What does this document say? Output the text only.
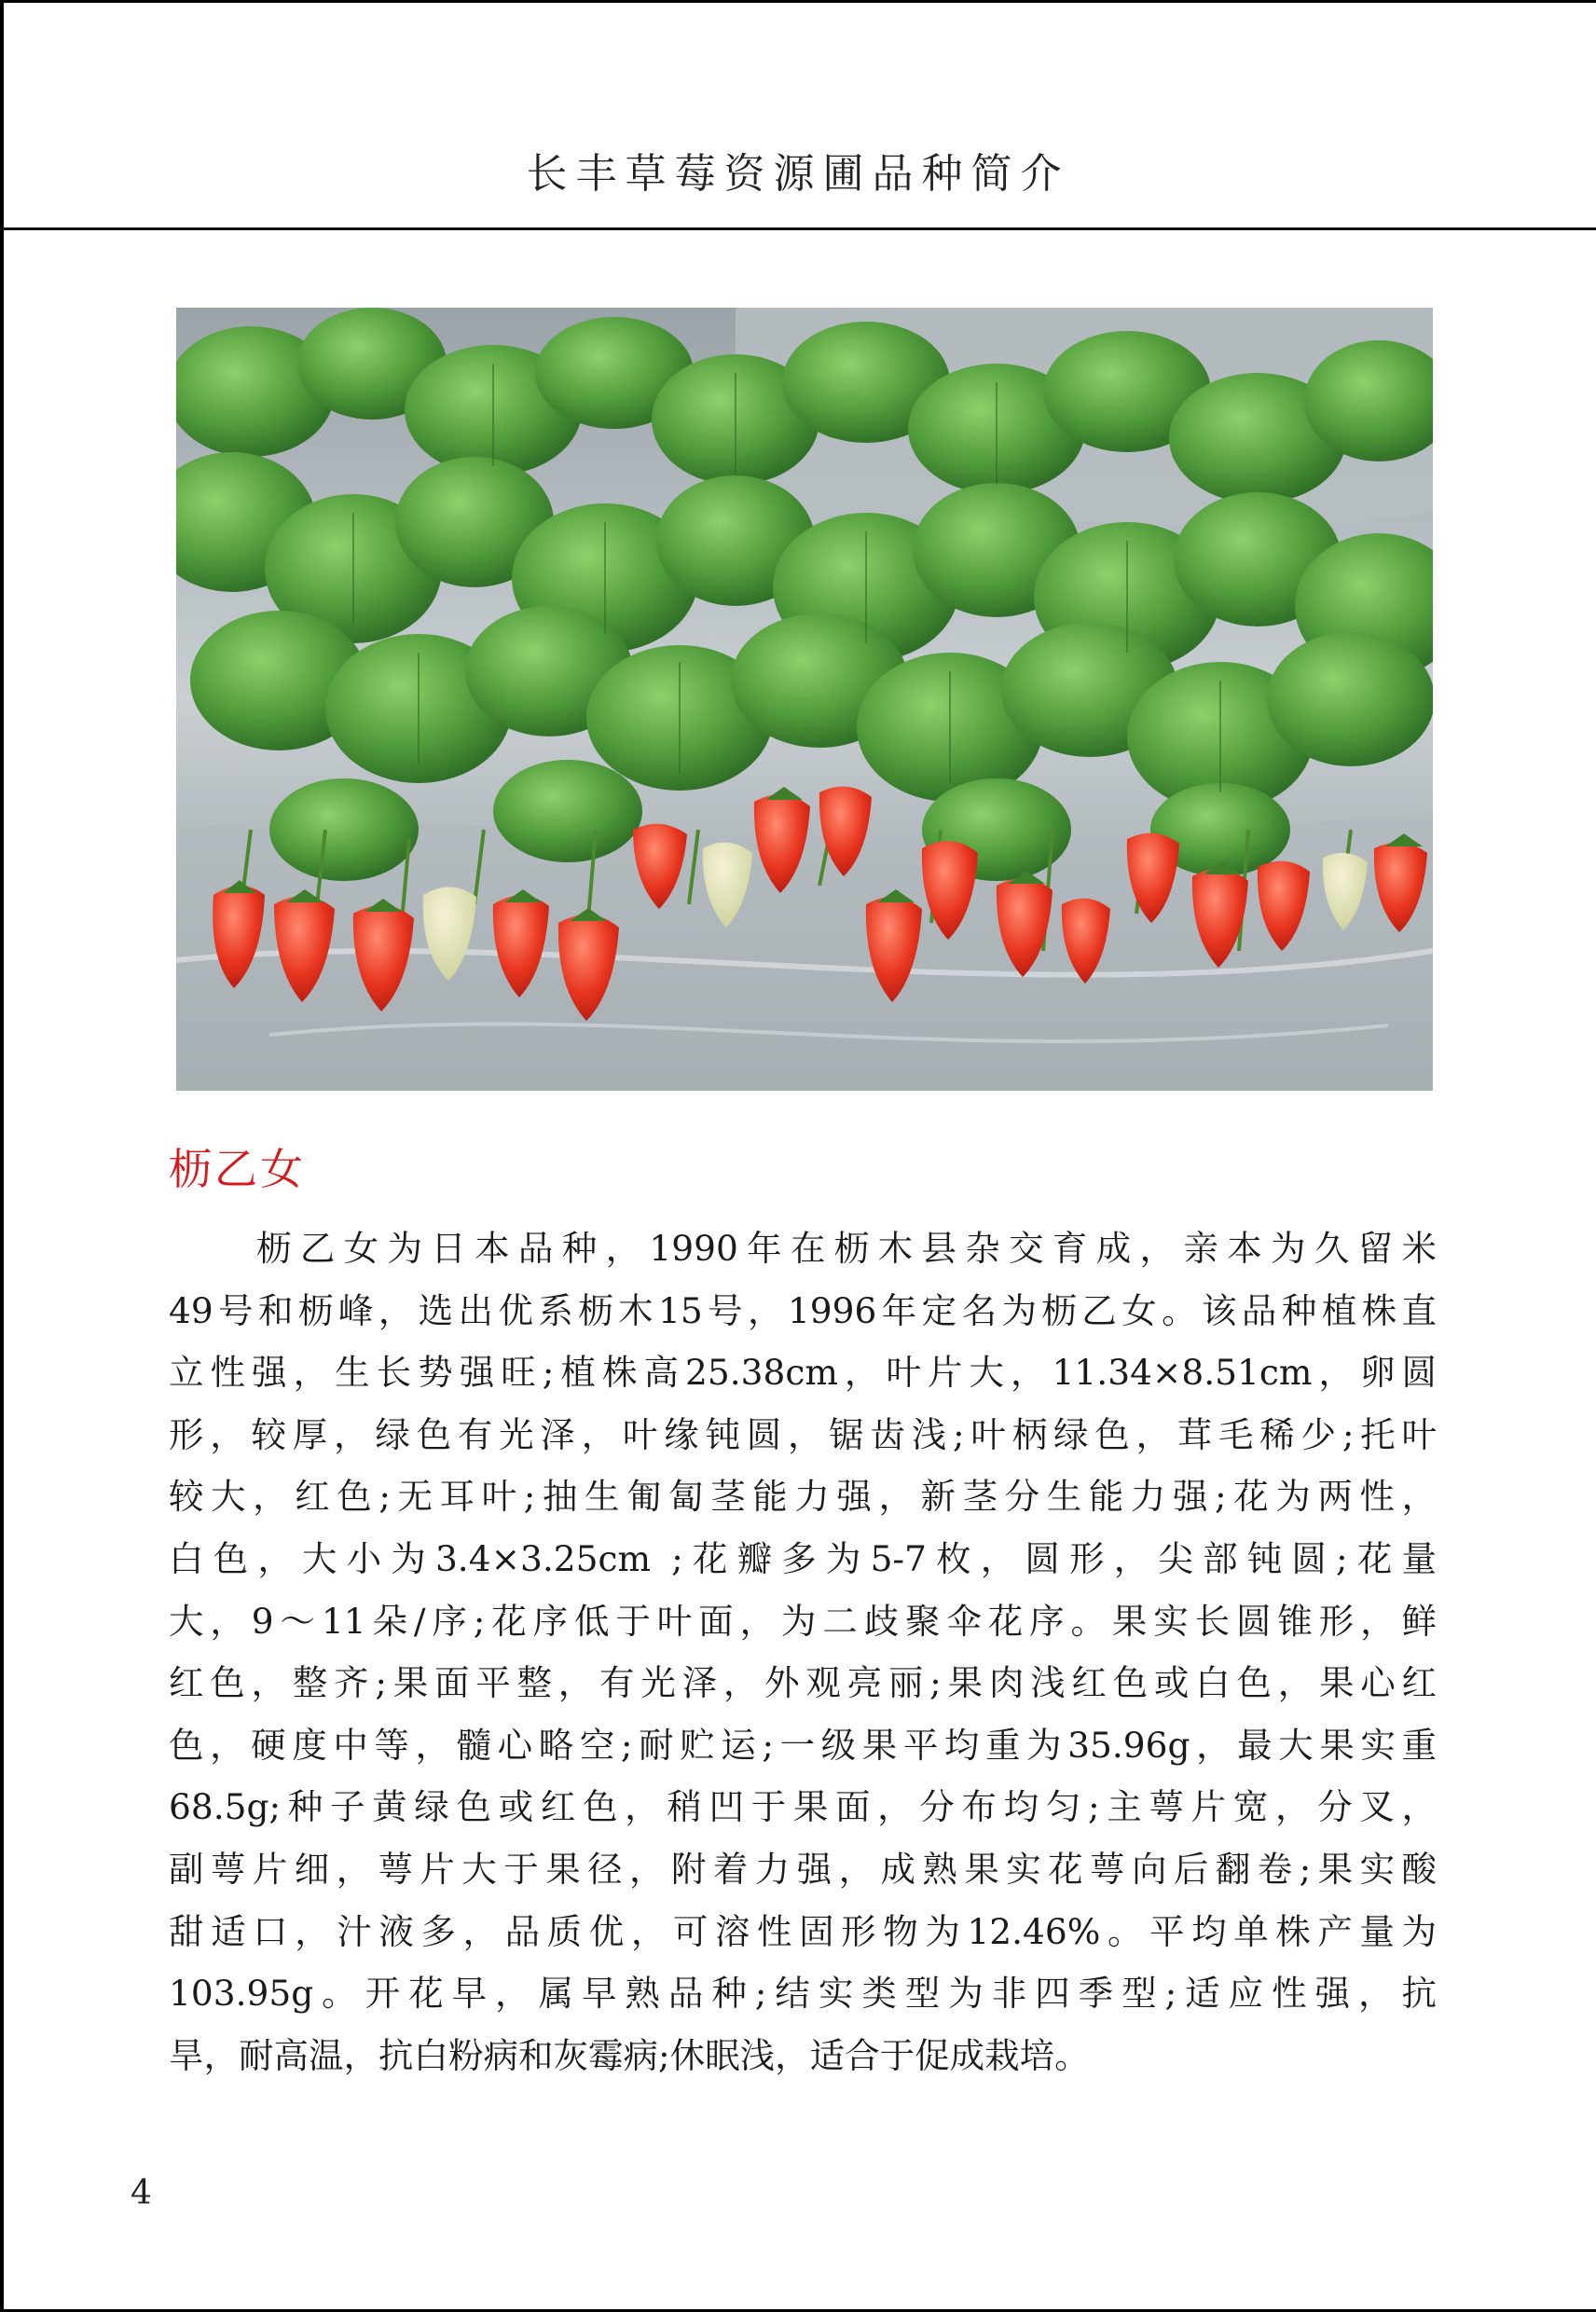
长丰草莓资源圃品种简介
枥乙女
枥乙女为日本品种，1990年在枥木县杂交育成，亲本为久留米
49号和枥峰，选出优系枥木15号，1996年定名为枥乙女。该品种植株直
立性强，生长势强旺;植株高25.38cm，叶片大，11.34×8.51cm，卵圆
形，较厚，绿色有光泽，叶缘钝圆，锯齿浅;叶柄绿色，茸毛稀少;托叶
较大，红色;无耳叶;抽生匍匐茎能力强，新茎分生能力强;花为两性，
白色，大小为3.4×3.25cm ;花瓣多为5-7枚，圆形，尖部钝圆;花量
大，9～11朵/序;花序低于叶面，为二歧聚伞花序。果实长圆锥形，鲜
红色，整齐;果面平整，有光泽，外观亮丽;果肉浅红色或白色，果心红
色，硬度中等，髓心略空;耐贮运;一级果平均重为35.96g，最大果实重
68.5g;种子黄绿色或红色，稍凹于果面，分布均匀;主萼片宽，分叉，
副萼片细，萼片大于果径，附着力强，成熟果实花萼向后翻卷;果实酸
甜适口，汁液多，品质优，可溶性固形物为12.46%。平均单株产量为
103.95g。开花早，属早熟品种;结实类型为非四季型;适应性强，抗
旱，耐高温，抗白粉病和灰霉病;休眠浅，适合于促成栽培。
4
